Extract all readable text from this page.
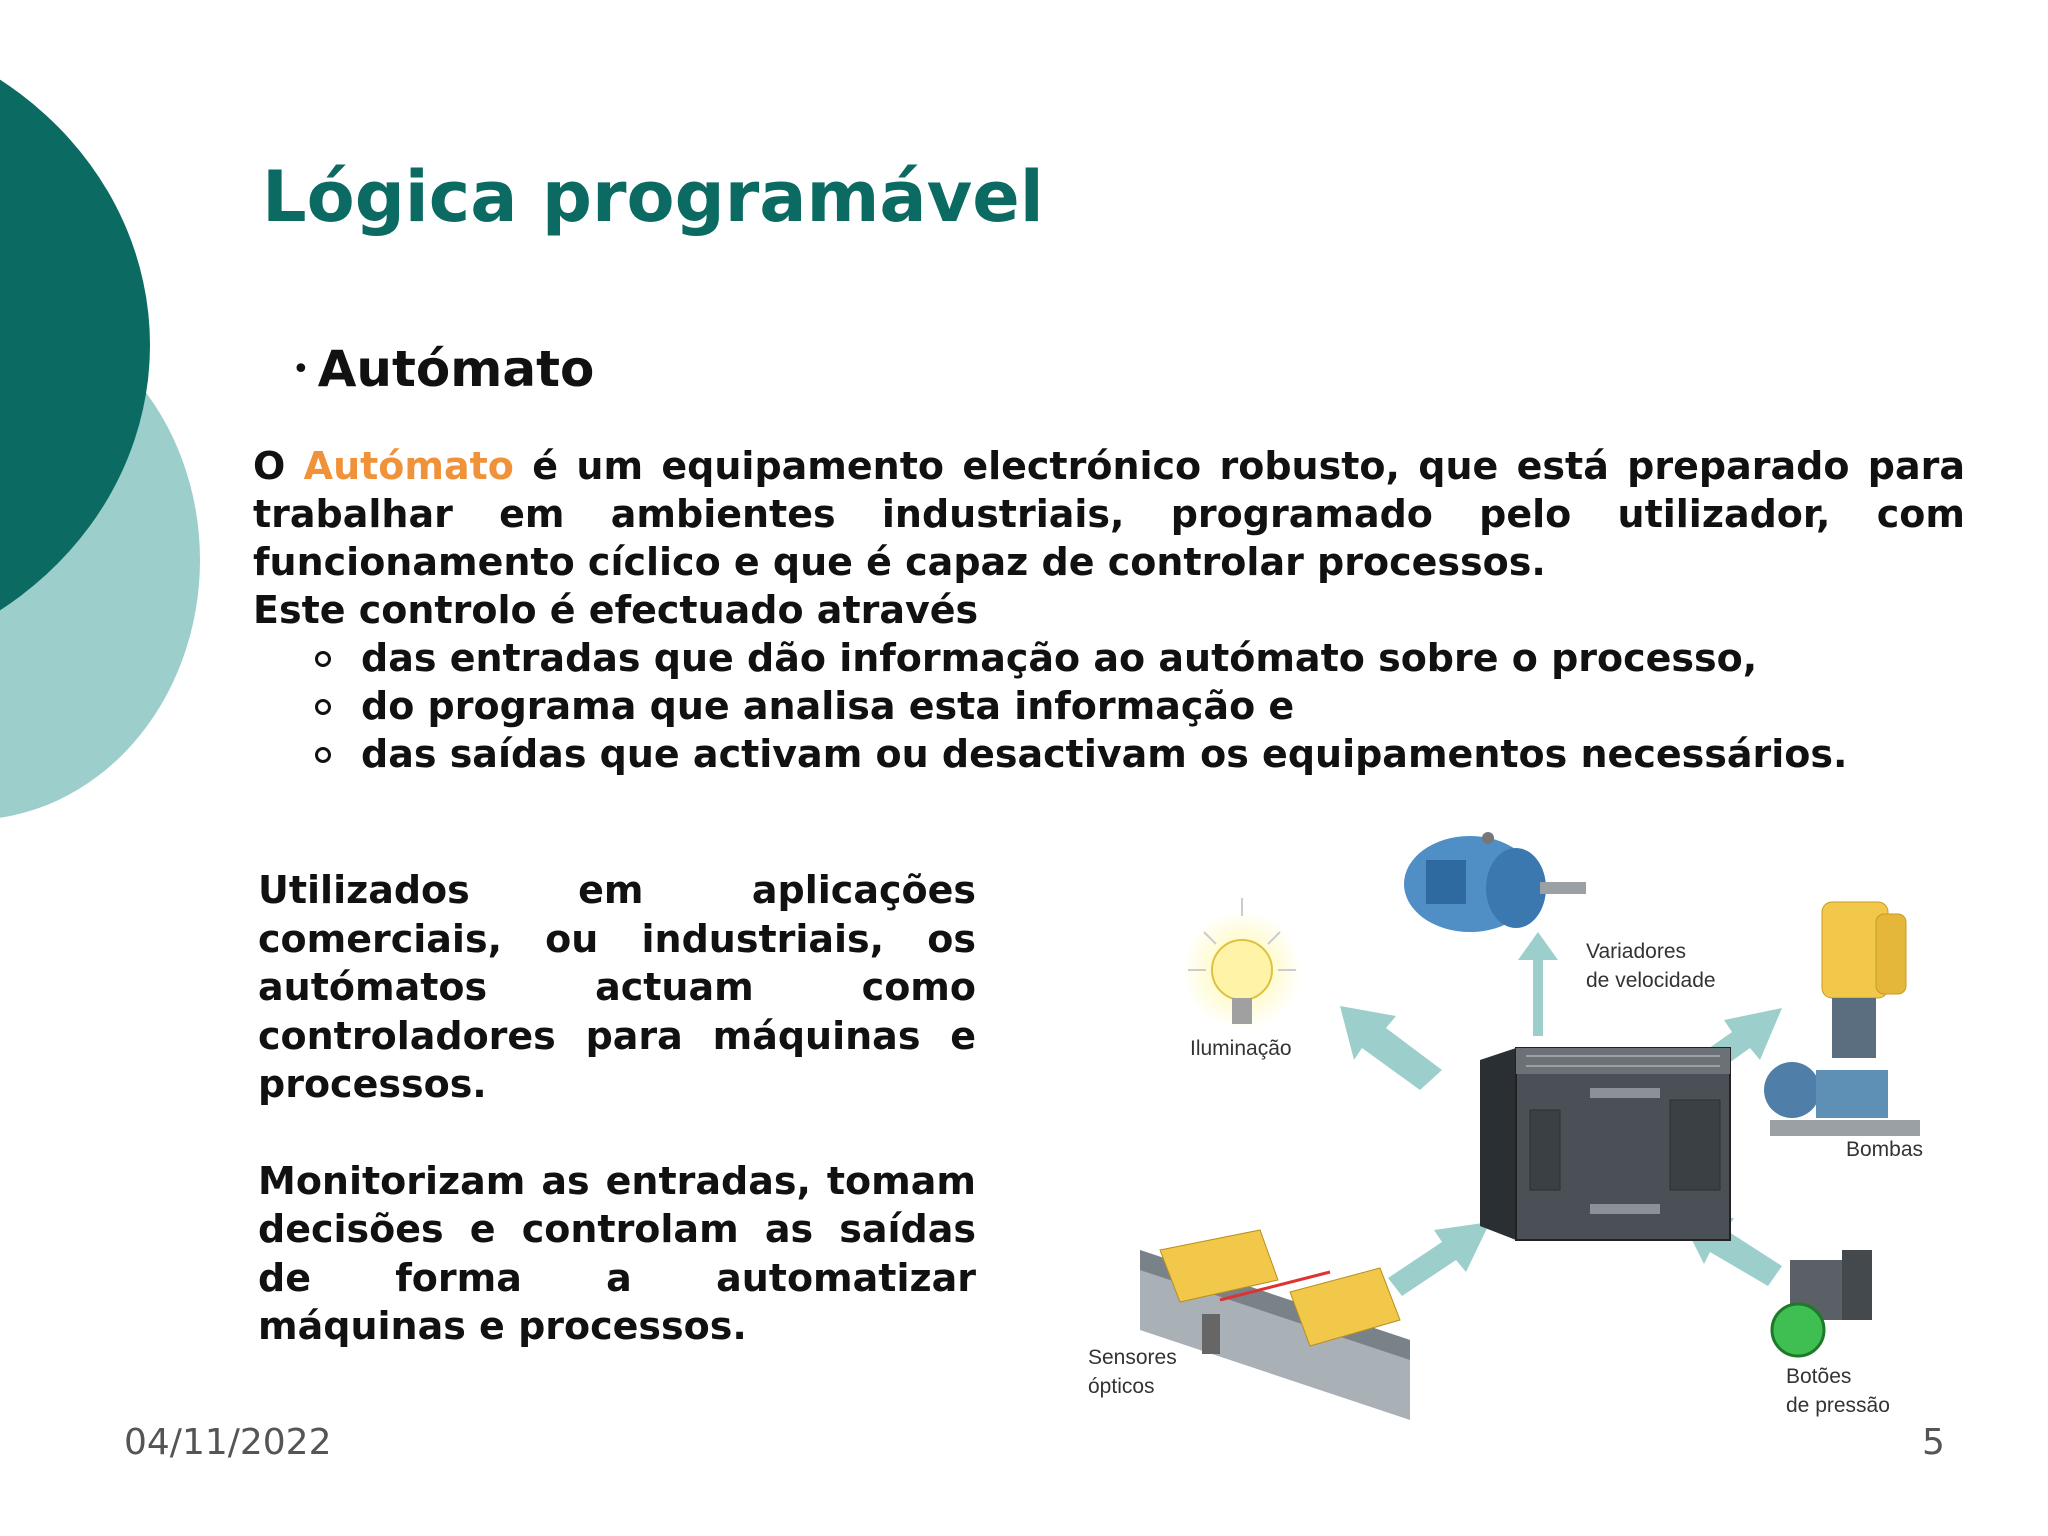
Lógica programável
• Autómato

O Autómato é um equipamento electrónico robusto, que está preparado para trabalhar em ambientes industriais, programado pelo utilizador, com funcionamento cíclico e que é capaz de controlar processos.

Este controlo é efectuado através

das entradas que dão informação ao autómato sobre o processo,
do programa que analisa esta informação e
das saídas que activam ou desactivam os equipamentos necessários.

Utilizados em aplicações comerciais, ou industriais, os autómatos actuam como controladores para máquinas e processos.

Monitorizam as entradas, tomam decisões e controlam as saídas de forma a automatizar máquinas e processos.

Iluminação
Variadores
de velocidade
Bombas
Sensores
ópticos	Botões
de pressão
04/11/2022	5
